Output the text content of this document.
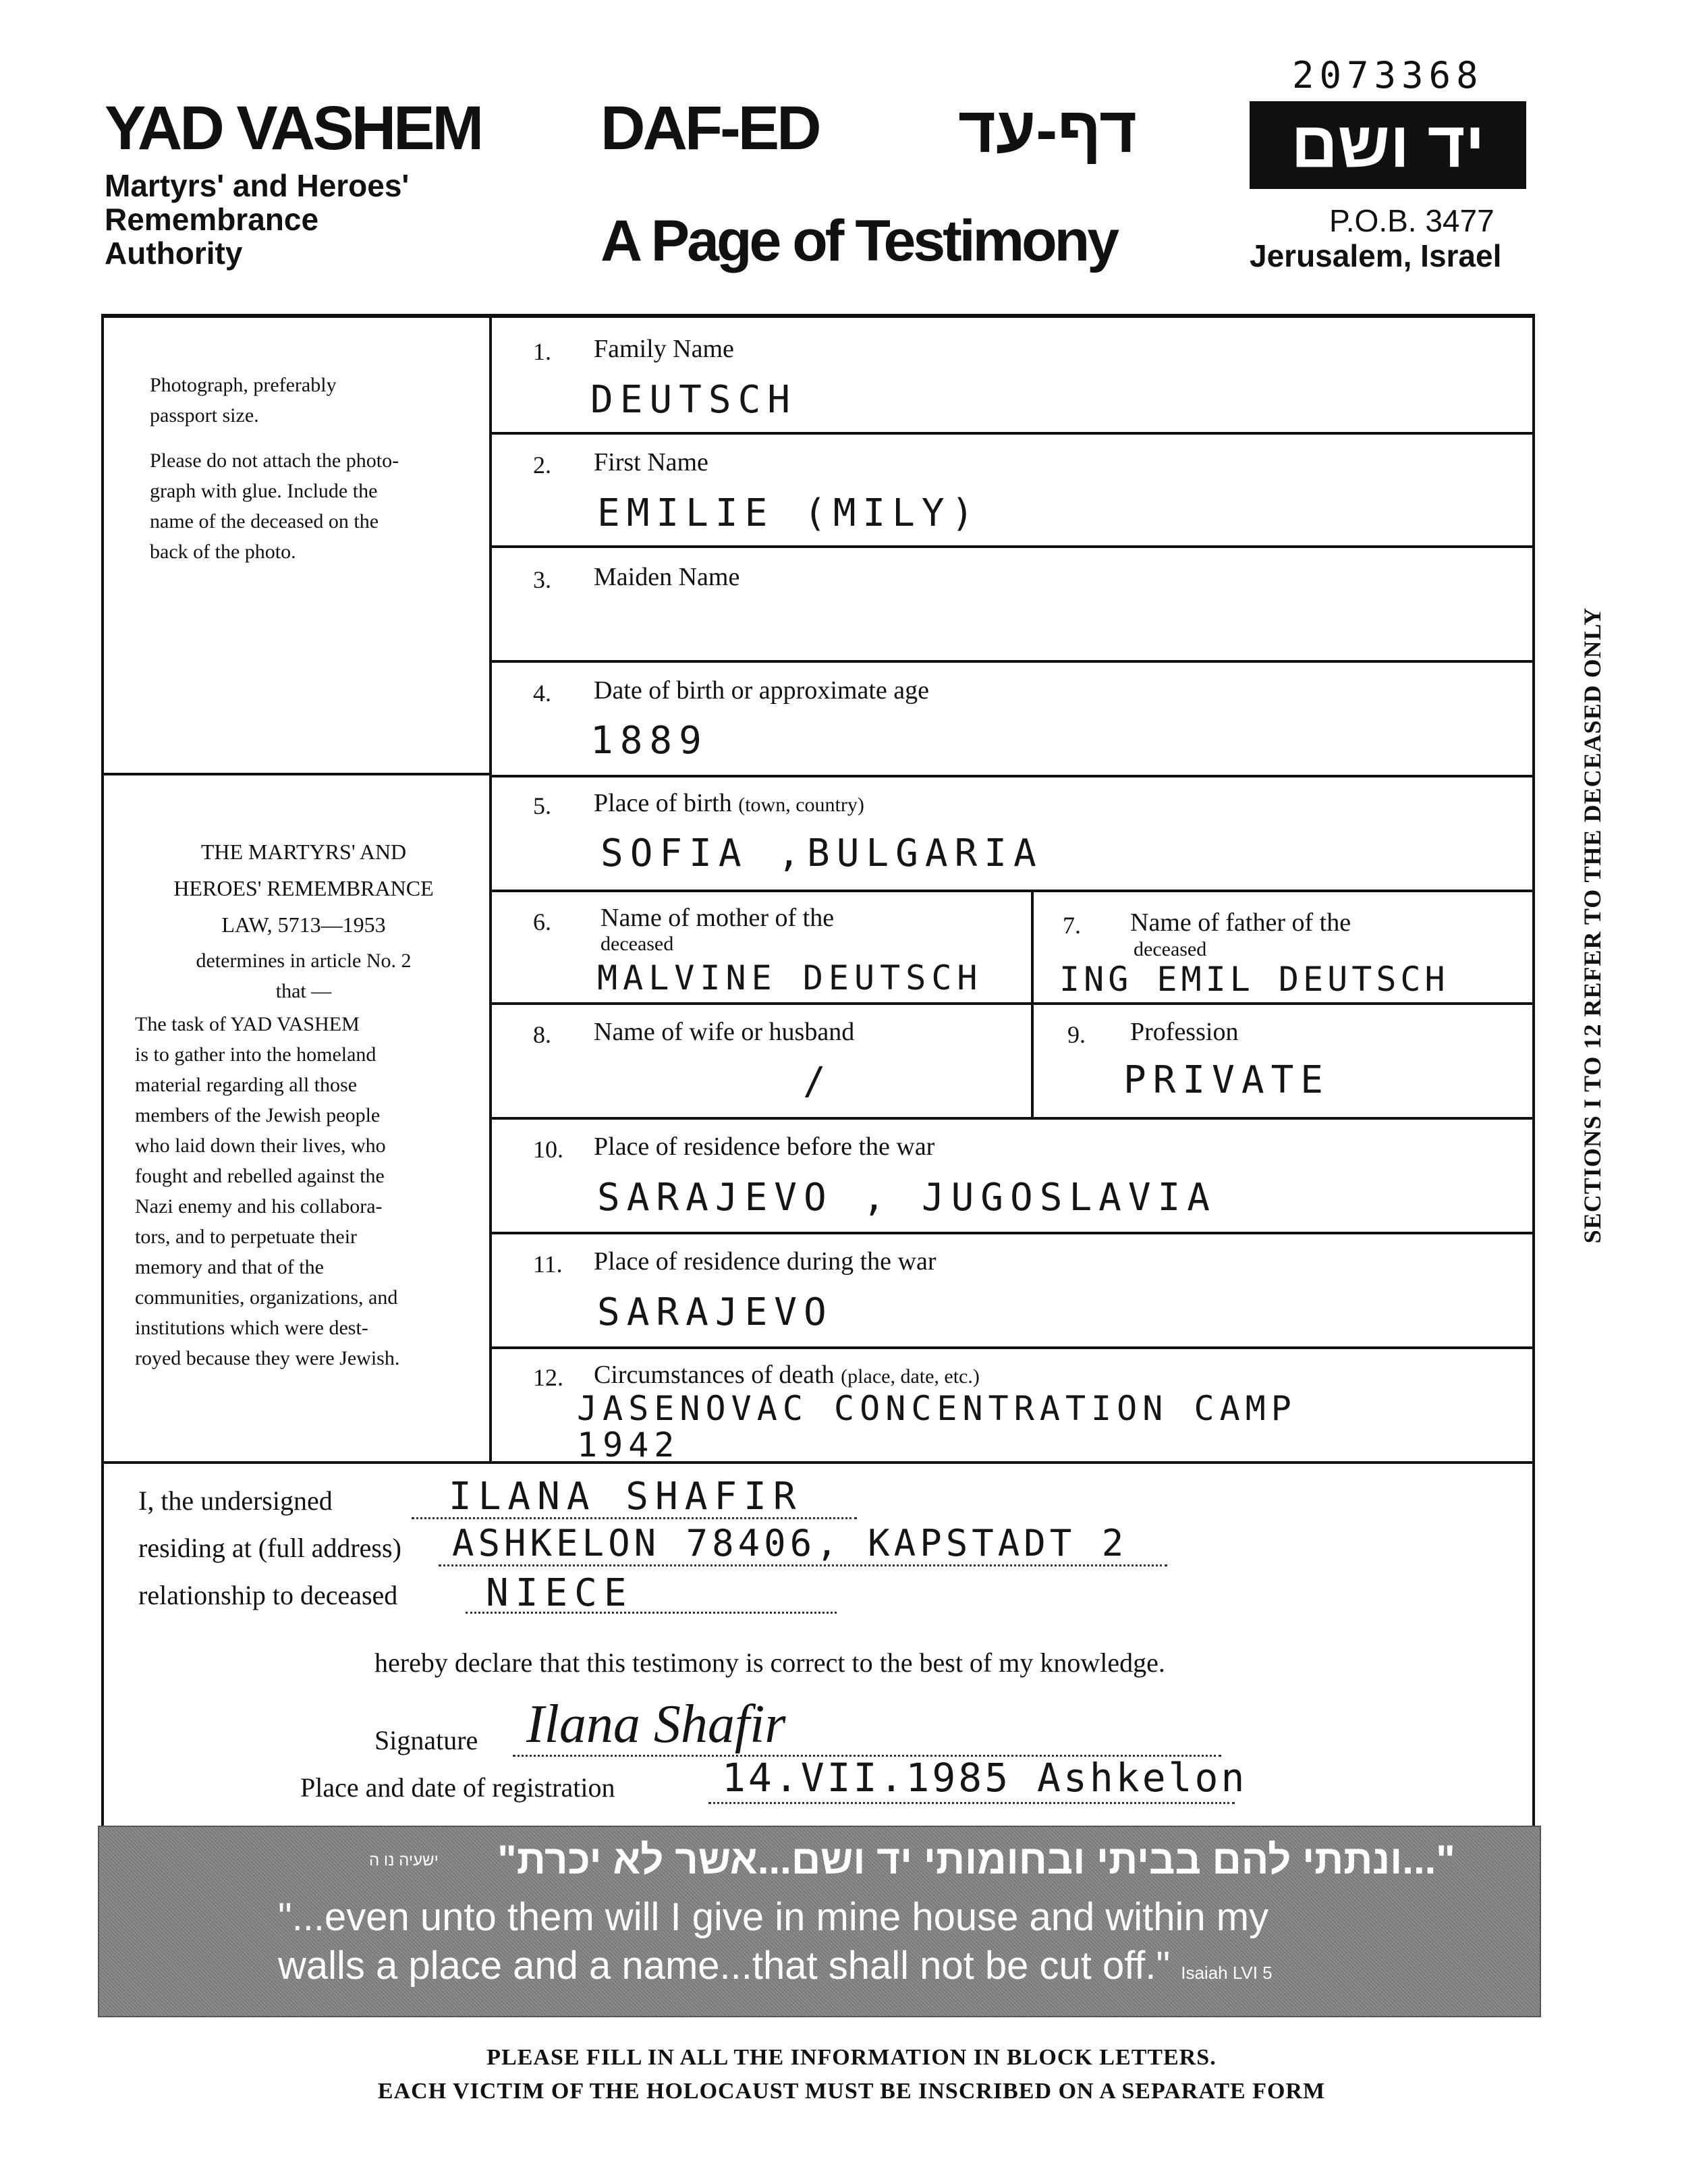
2073368
YAD VASHEM
Martyrs' and Heroes'
Remembrance
Authority
DAF-ED
A Page of Testimony
דף-עד	יד ושם
P.O.B. 3477
Jerusalem, Israel
Photograph, preferably
passport size.
Please do not attach the photo-
graph with glue. Include the
name of the deceased on the
back of the photo.
THE MARTYRS' AND
HEROES' REMEMBRANCE
LAW, 5713—1953
determines in article No. 2
that —
The task of YAD VASHEM
is to gather into the homeland
material regarding all those
members of the Jewish people
who laid down their lives, who
fought and rebelled against the
Nazi enemy and his collabora-
tors, and to perpetuate their
memory and that of the
communities, organizations, and
institutions which were dest-
royed because they were Jewish.
SECTIONS I TO 12 REFER TO THE DECEASED ONLY
1. Family Name
DEUTSCH
2. First Name
EMILIE (MILY)
3. Maiden Name
4. Date of birth or approximate age
1889
5. Place of birth (town, country)
SOFIA ,BULGARIA
6. Name of mother of the
deceased
MALVINE DEUTSCH
7. Name of father of the
deceased
ING EMIL DEUTSCH
8. Name of wife or husband
/
9. Profession
PRIVATE
10. Place of residence before the war
SARAJEVO , JUGOSLAVIA
11. Place of residence during the war
SARAJEVO
12. Circumstances of death (place, date, etc.)
JASENOVAC CONCENTRATION CAMP
1942
I, the undersigned	ILANA SHAFIR
residing at (full address) ASHKELON 78406, KAPSTADT 2
relationship to deceased NIECE
hereby declare that this testimony is correct to the best of my knowledge.
Signature Ilana Shafir
Place and date of registration	14.VII.1985 Ashkelon
"...ונתתי להם בביתי ובחומותי יד ושם...אשר לא יכרת"
ישעיה נו ה
"...even unto them will I give in mine house and within my
walls a place and a name...that shall not be cut off." Isaiah LVI 5
PLEASE FILL IN ALL THE INFORMATION IN BLOCK LETTERS.
EACH VICTIM OF THE HOLOCAUST MUST BE INSCRIBED ON A SEPARATE FORM
